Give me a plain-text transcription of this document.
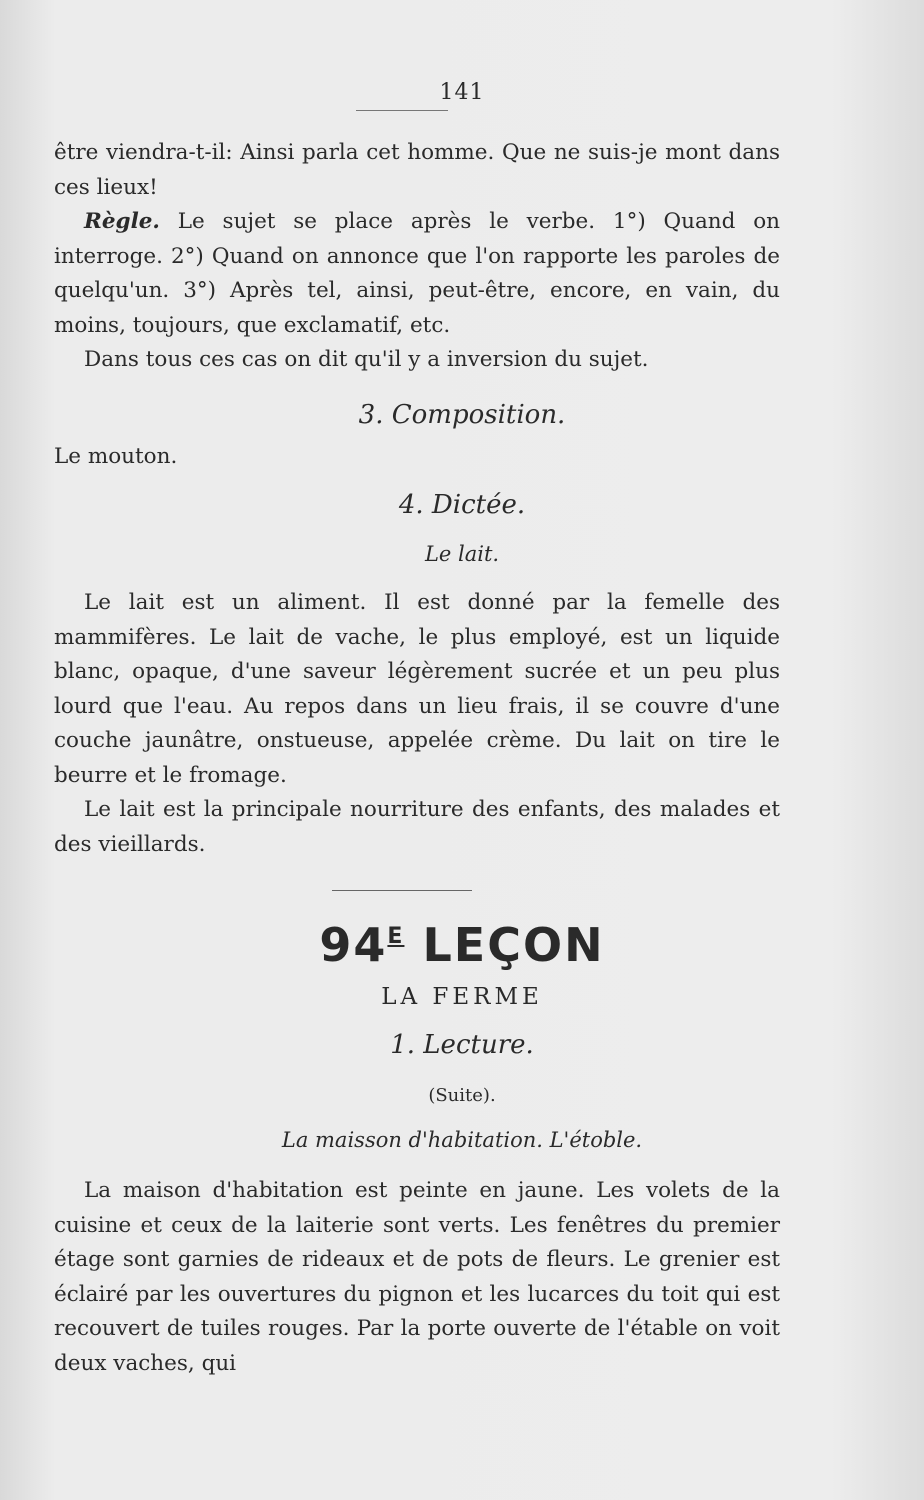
141

être viendra-t-il: Ainsi parla cet homme. Que ne suis-je mont dans ces lieux!

Règle. Le sujet se place après le verbe. 1°) Quand on interroge. 2°) Quand on annonce que l'on rapporte les paroles de quelqu'un. 3°) Après tel, ainsi, peut-être, encore, en vain, du moins, toujours, que exclamatif, etc.

Dans tous ces cas on dit qu'il y a inversion du sujet.

3. Composition.
Le mouton.
4. Dictée.
Le lait.

Le lait est un aliment. Il est donné par la femelle des mammifères. Le lait de vache, le plus employé, est un liquide blanc, opaque, d'une saveur légèrement sucrée et un peu plus lourd que l'eau. Au repos dans un lieu frais, il se couvre d'une couche jaunâtre, onstueuse, appelée crème. Du lait on tire le beurre et le fromage.

Le lait est la principale nourriture des enfants, des malades et des vieillards.

$94^E$ LEÇON
LA FERME
1. Lecture.
(Suite).
La maisson d'habitation. L'étoble.

La maison d'habitation est peinte en jaune. Les volets de la cuisine et ceux de la laiterie sont verts. Les fenêtres du premier étage sont garnies de rideaux et de pots de fleurs. Le grenier est éclairé par les ouvertures du pignon et les lucarces du toit qui est recouvert de tuiles rouges. Par la porte ouverte de l'étable on voit deux vaches, qui
